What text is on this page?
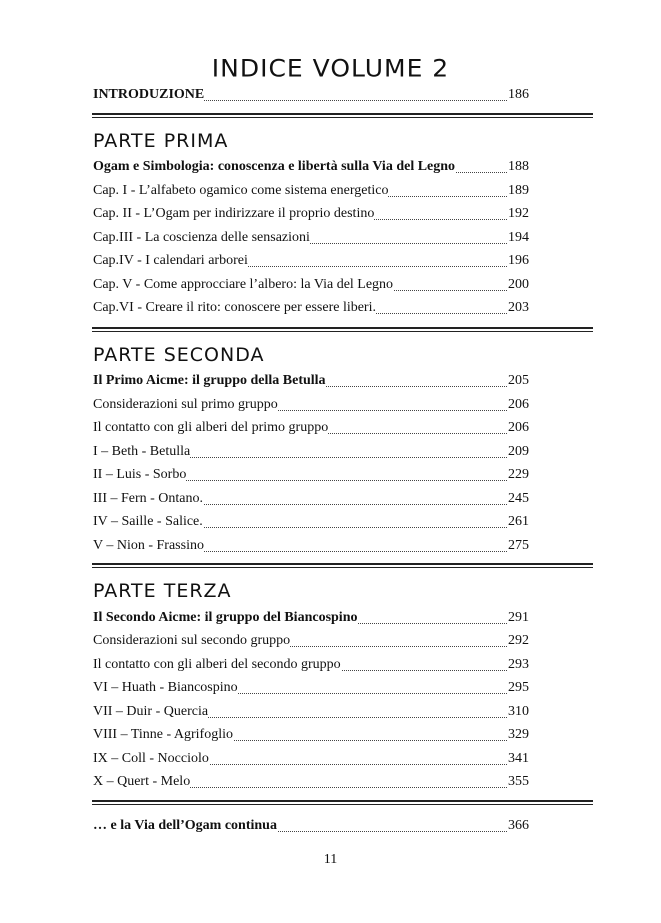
INDICE VOLUME 2
INTRODUZIONE	186
PARTE PRIMA
Ogam e Simbologia: conoscenza e libertà sulla Via del Legno	188
Cap. I - L’alfabeto ogamico come sistema energetico	189
Cap. II - L’Ogam per indirizzare il proprio destino	192
Cap.III - La coscienza delle sensazioni	194
Cap.IV - I calendari arborei	196
Cap. V - Come approcciare l’albero: la Via del Legno	200
Cap.VI - Creare il rito: conoscere per essere liberi.	203
PARTE SECONDA
Il Primo Aicme: il gruppo della Betulla	205
Considerazioni sul primo gruppo	206
Il contatto con gli alberi del primo gruppo	206
I – Beth - Betulla	209
II – Luis - Sorbo	229
III – Fern - Ontano.	245
IV – Saille - Salice.	261
V – Nion - Frassino	275
PARTE TERZA
Il Secondo Aicme: il gruppo del Biancospino	291
Considerazioni sul secondo gruppo	292
Il contatto con gli alberi del secondo gruppo	293
VI – Huath - Biancospino	295
VII – Duir - Quercia	310
VIII – Tinne - Agrifoglio	329
IX – Coll - Nocciolo	341
X – Quert - Melo	355
… e la Via dell’Ogam continua	366
11
